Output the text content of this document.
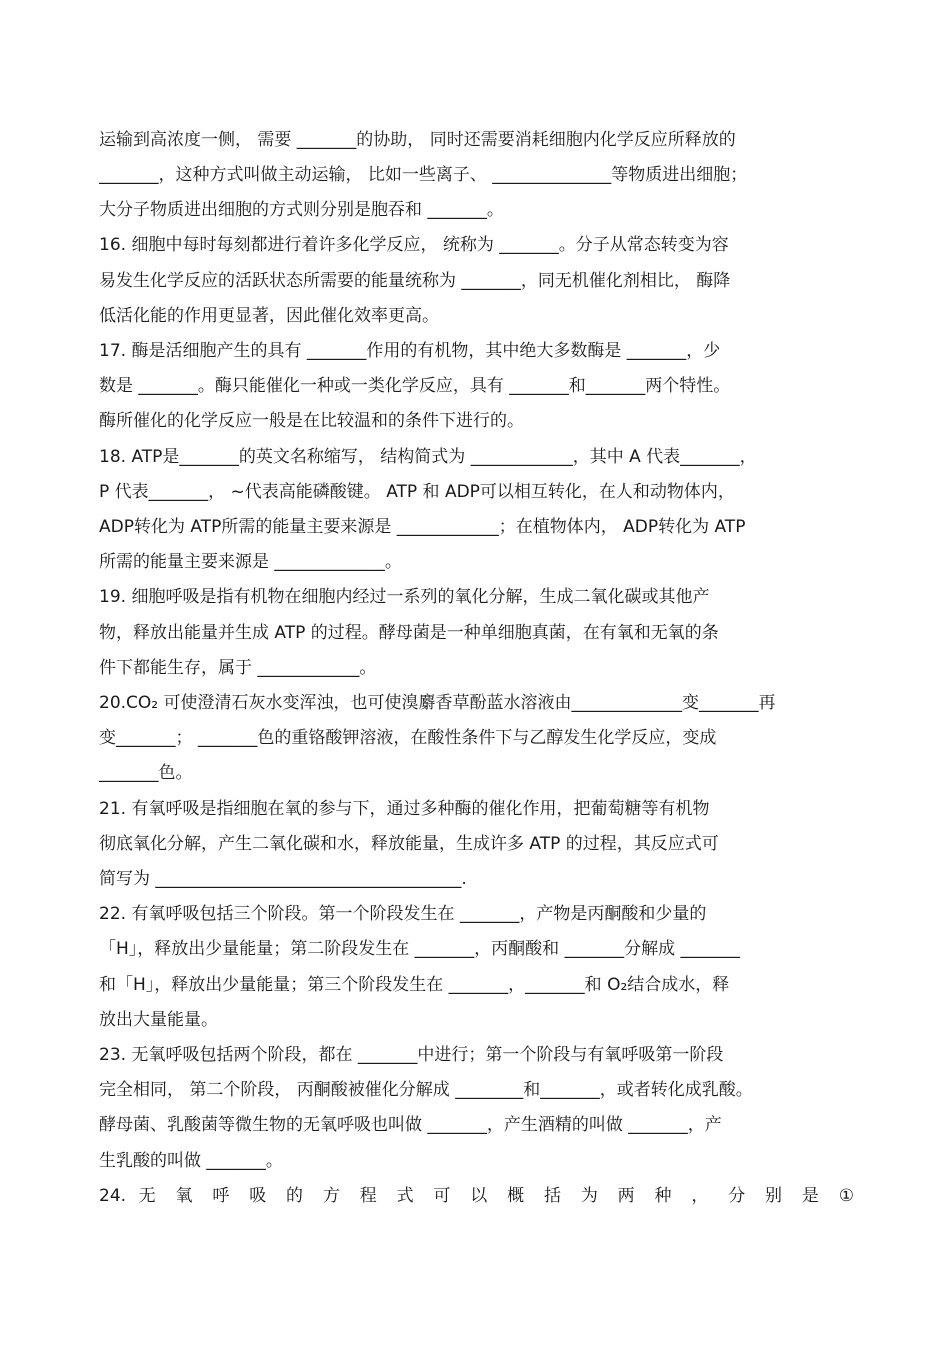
运输到高浓度一侧， 需要 _______的协助， 同时还需要消耗细胞内化学反应所释放的
_______，这种方式叫做主动运输， 比如一些离子、 ______________等物质进出细胞；
大分子物质进出细胞的方式则分别是胞吞和 _______。
16. 细胞中每时每刻都进行着许多化学反应， 统称为 _______。分子从常态转变为容
易发生化学反应的活跃状态所需要的能量统称为 _______，同无机催化剂相比， 酶降
低活化能的作用更显著，因此催化效率更高。
17. 酶是活细胞产生的具有 _______作用的有机物，其中绝大多数酶是 _______，少
数是 _______。酶只能催化一种或一类化学反应，具有 _______和_______两个特性。
酶所催化的化学反应一般是在比较温和的条件下进行的。
18. ATP是_______的英文名称缩写， 结构简式为 ____________，其中 A 代表_______，
P 代表_______， ~代表高能磷酸键。 ATP 和 ADP可以相互转化，在人和动物体内，
ADP转化为 ATP所需的能量主要来源是 ____________；在植物体内， ADP转化为 ATP
所需的能量主要来源是 _____________。
19. 细胞呼吸是指有机物在细胞内经过一系列的氧化分解，生成二氧化碳或其他产
物，释放出能量并生成 ATP 的过程。酵母菌是一种单细胞真菌，在有氧和无氧的条
件下都能生存，属于 ____________。
20.CO₂ 可使澄清石灰水变浑浊，也可使溴麝香草酚蓝水溶液由_____________变_______再
变_______； _______色的重铬酸钾溶液，在酸性条件下与乙醇发生化学反应，变成
_______色。
21. 有氧呼吸是指细胞在氧的参与下，通过多种酶的催化作用，把葡萄糖等有机物
彻底氧化分解，产生二氧化碳和水，释放能量，生成许多 ATP 的过程，其反应式可
简写为 ____________________________________.
22. 有氧呼吸包括三个阶段。第一个阶段发生在 _______，产物是丙酮酸和少量的
「H」，释放出少量能量；第二阶段发生在 _______，丙酮酸和 _______分解成 _______
和「H」，释放出少量能量；第三个阶段发生在 _______，_______和 O₂结合成水，释
放出大量能量。
23. 无氧呼吸包括两个阶段，都在 _______中进行；第一个阶段与有氧呼吸第一阶段
完全相同， 第二个阶段， 丙酮酸被催化分解成 ________和_______，或者转化成乳酸。
酵母菌、乳酸菌等微生物的无氧呼吸也叫做 _______，产生酒精的叫做 _______，产
生乳酸的叫做 _______。
24. 无 氧 呼 吸 的 方 程 式 可 以 概 括 为 两 种 ， 分 别 是 ①
